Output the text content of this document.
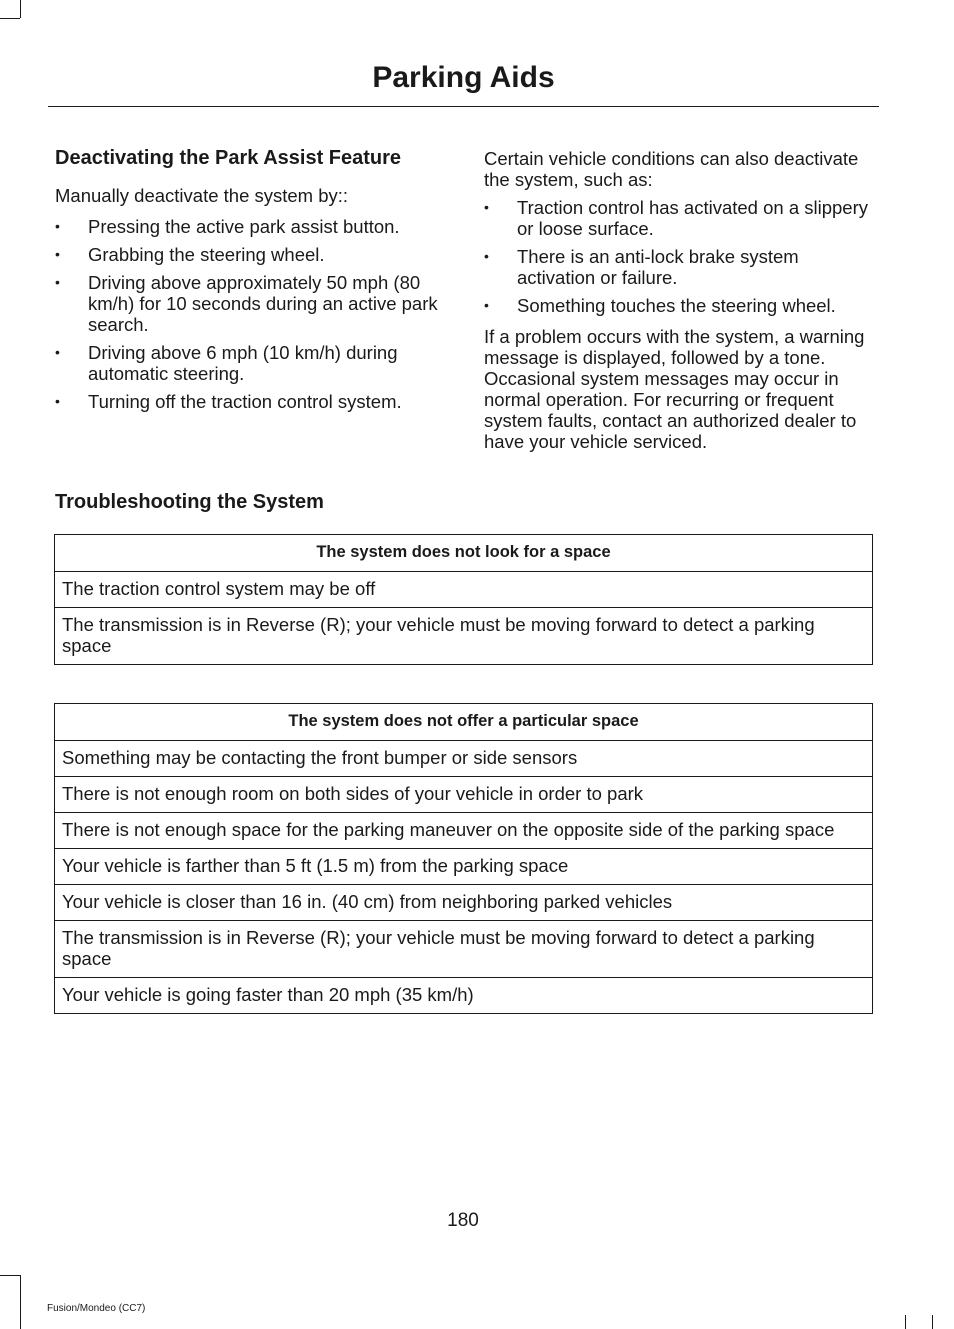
Parking Aids
Deactivating the Park Assist Feature

Manually deactivate the system by::

• Pressing the active park assist button.
• Grabbing the steering wheel.
• Driving above approximately 50 mph (80 km/h) for 10 seconds during an active park search.
• Driving above 6 mph (10 km/h) during automatic steering.
• Turning off the traction control system.

Certain vehicle conditions can also deactivate the system, such as:

• Traction control has activated on a slippery or loose surface.
• There is an anti-lock brake system activation or failure.
• Something touches the steering wheel.

If a problem occurs with the system, a warning message is displayed, followed by a tone. Occasional system messages may occur in normal operation. For recurring or frequent system faults, contact an authorized dealer to have your vehicle serviced.

Troubleshooting the System
The system does not look for a space
The traction control system may be off
The transmission is in Reverse (R); your vehicle must be moving forward to detect a parking space
The system does not offer a particular space
Something may be contacting the front bumper or side sensors
There is not enough room on both sides of your vehicle in order to park
There is not enough space for the parking maneuver on the opposite side of the parking space
Your vehicle is farther than 5 ft (1.5 m) from the parking space
Your vehicle is closer than 16 in. (40 cm) from neighboring parked vehicles
The transmission is in Reverse (R); your vehicle must be moving forward to detect a parking space
Your vehicle is going faster than 20 mph (35 km/h)
180
Fusion/Mondeo (CC7)
